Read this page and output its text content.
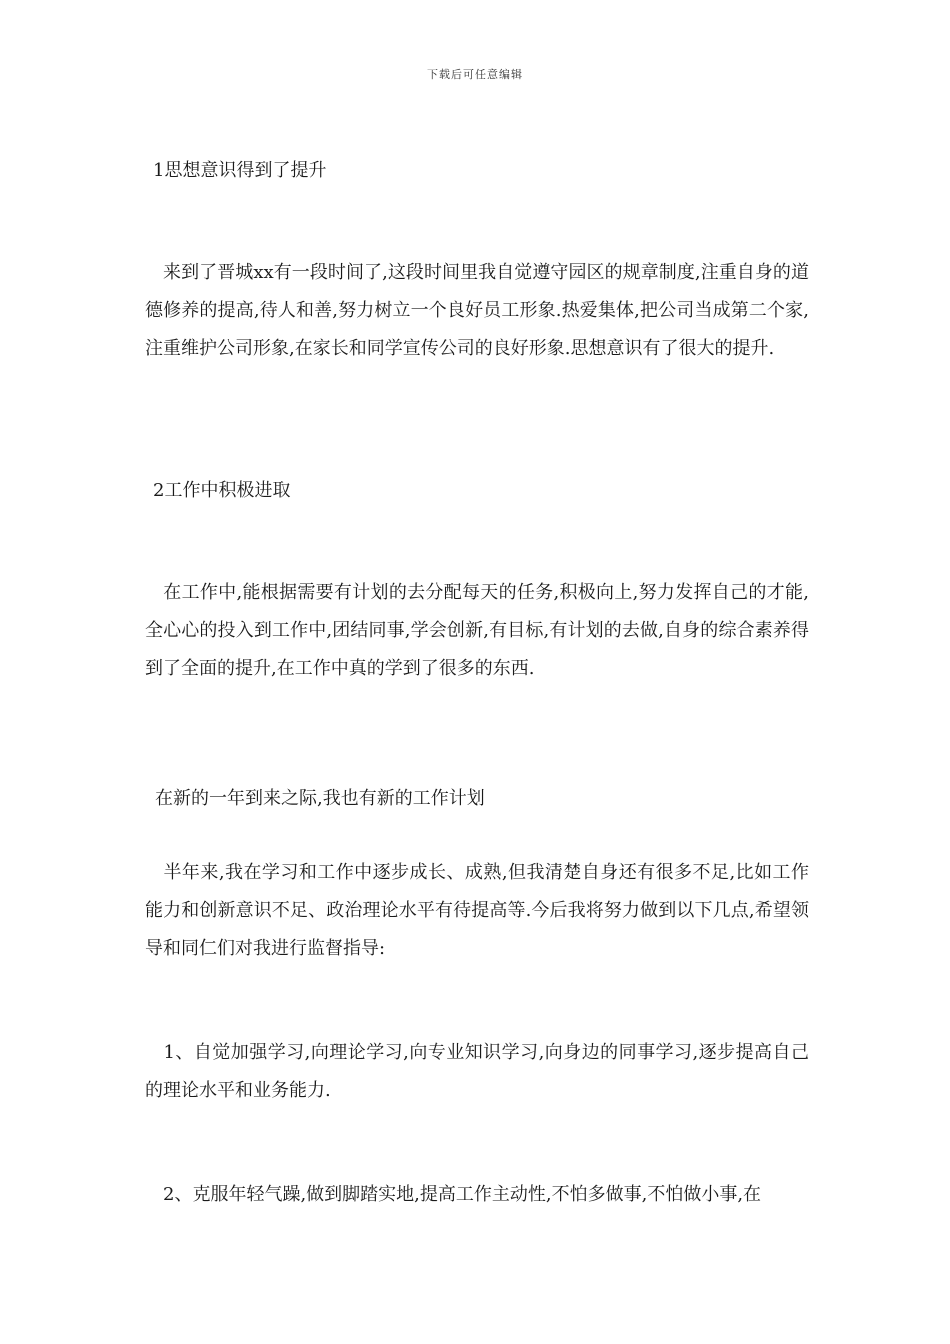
下载后可任意编辑

1思想意识得到了提升

　来到了晋城xx有一段时间了,这段时间里我自觉遵守园区的规章制度,注重自身的道德修养的提高,待人和善,努力树立一个良好员工形象.热爱集体,把公司当成第二个家,注重维护公司形象,在家长和同学宣传公司的良好形象.思想意识有了很大的提升.

2工作中积极进取

　在工作中,能根据需要有计划的去分配每天的任务,积极向上,努力发挥自己的才能,全心心的投入到工作中,团结同事,学会创新,有目标,有计划的去做,自身的综合素养得到了全面的提升,在工作中真的学到了很多的东西.

在新的一年到来之际,我也有新的工作计划

　半年来,我在学习和工作中逐步成长、成熟,但我清楚自身还有很多不足,比如工作能力和创新意识不足、政治理论水平有待提高等.今后我将努力做到以下几点,希望领导和同仁们对我进行监督指导:

　1、自觉加强学习,向理论学习,向专业知识学习,向身边的同事学习,逐步提高自己的理论水平和业务能力.

　2、克服年轻气躁,做到脚踏实地,提高工作主动性,不怕多做事,不怕做小事,在
